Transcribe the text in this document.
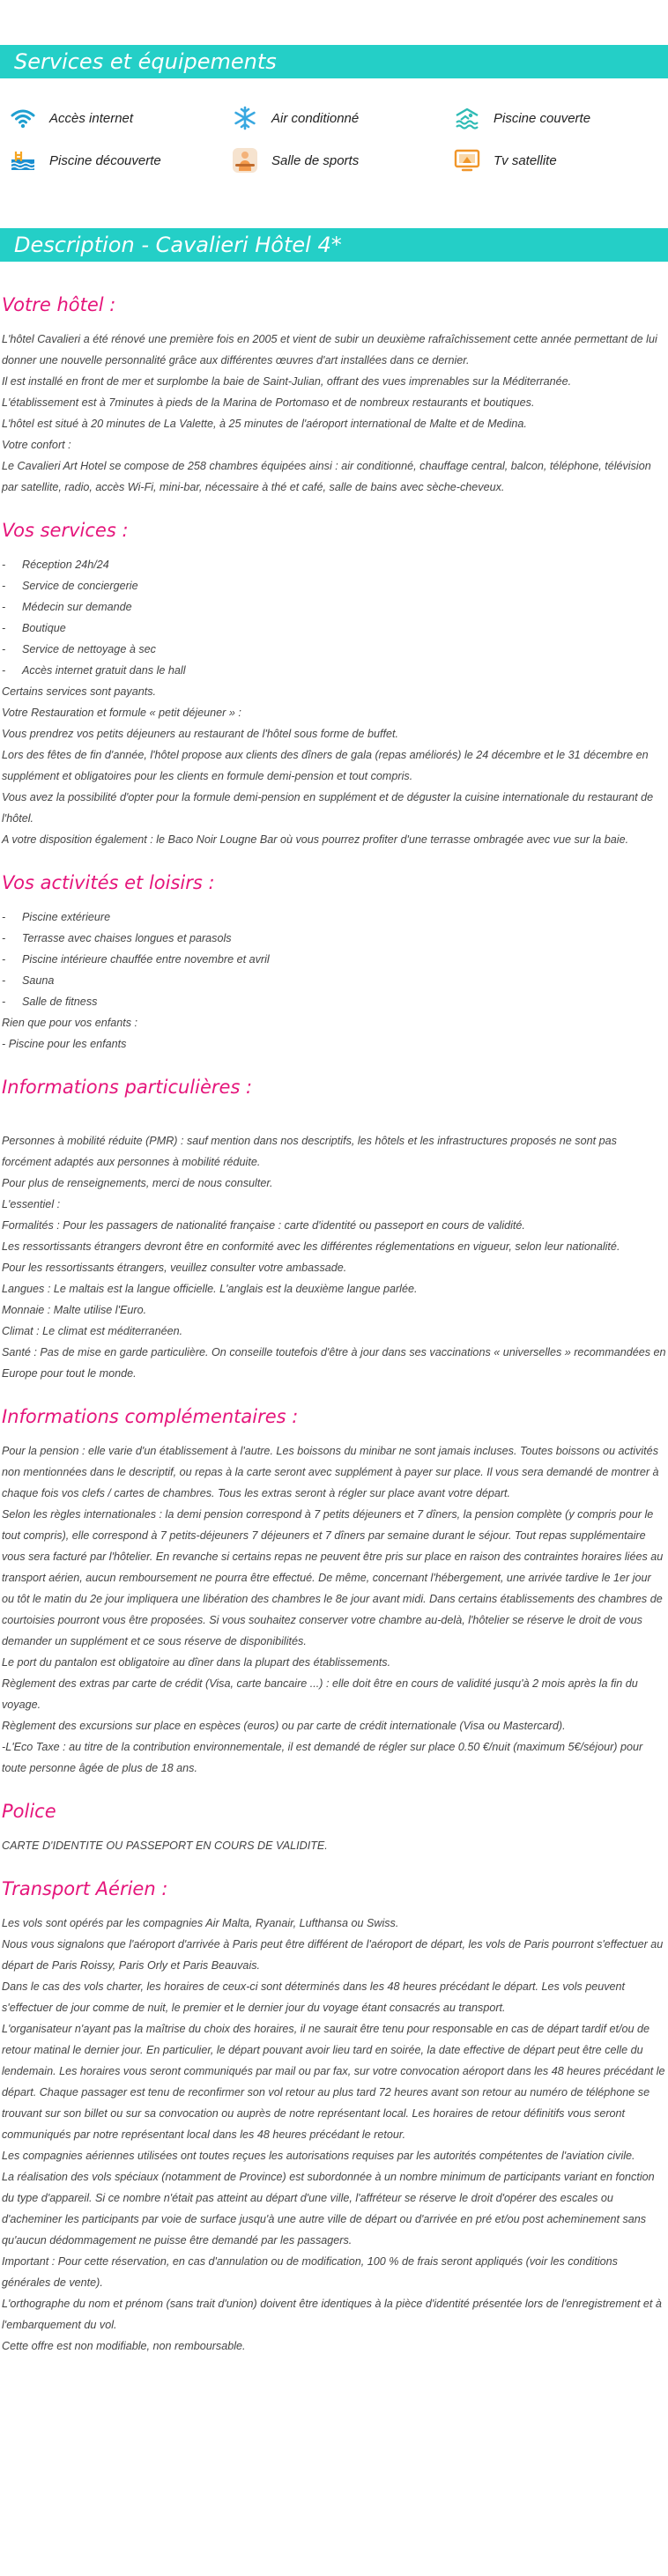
Services et équipements
Accès internet	Air conditionné	Piscine couverte
Piscine découverte	Salle de sports	Tv satellite
Description - Cavalieri Hôtel 4*
Votre hôtel :

L'hôtel Cavalieri a été rénové une première fois en 2005 et vient de subir un deuxième rafraîchissement cette année permettant de lui donner une nouvelle personnalité grâce aux différentes œuvres d'art installées dans ce dernier.

Il est installé en front de mer et surplombe la baie de Saint-Julian, offrant des vues imprenables sur la Méditerranée.

L'établissement est à 7minutes à pieds de la Marina de Portomaso et de nombreux restaurants et boutiques.

L'hôtel est situé à 20 minutes de La Valette, à 25 minutes de l'aéroport international de Malte et de Medina.

Votre confort :

Le Cavalieri Art Hotel se compose de 258 chambres équipées ainsi : air conditionné, chauffage central, balcon, téléphone, télévision par satellite, radio, accès Wi-Fi, mini-bar, nécessaire à thé et café, salle de bains avec sèche-cheveux.

Vos services :
- Réception 24h/24
- Service de conciergerie
- Médecin sur demande
- Boutique
- Service de nettoyage à sec
- Accès internet gratuit dans le hall

Certains services sont payants.

Votre Restauration et formule « petit déjeuner » :

Vous prendrez vos petits déjeuners au restaurant de l'hôtel sous forme de buffet.

Lors des fêtes de fin d'année, l'hôtel propose aux clients des dîners de gala (repas améliorés) le 24 décembre et le 31 décembre en supplément et obligatoires pour les clients en formule demi-pension et tout compris.

Vous avez la possibilité d'opter pour la formule demi-pension en supplément et de déguster la cuisine internationale du restaurant de l'hôtel.

A votre disposition également : le Baco Noir Lougne Bar où vous pourrez profiter d'une terrasse ombragée avec vue sur la baie.

Vos activités et loisirs :
- Piscine extérieure
- Terrasse avec chaises longues et parasols
- Piscine intérieure chauffée entre novembre et avril
- Sauna
- Salle de fitness

Rien que pour vos enfants :

- Piscine pour les enfants

Informations particulières :

Personnes à mobilité réduite (PMR) : sauf mention dans nos descriptifs, les hôtels et les infrastructures proposés ne sont pas forcément adaptés aux personnes à mobilité réduite.

Pour plus de renseignements, merci de nous consulter.

L'essentiel :

Formalités : Pour les passagers de nationalité française : carte d'identité ou passeport en cours de validité.

Les ressortissants étrangers devront être en conformité avec les différentes réglementations en vigueur, selon leur nationalité.

Pour les ressortissants étrangers, veuillez consulter votre ambassade.

Langues : Le maltais est la langue officielle. L'anglais est la deuxième langue parlée.

Monnaie : Malte utilise l'Euro.

Climat : Le climat est méditerranéen.

Santé : Pas de mise en garde particulière. On conseille toutefois d'être à jour dans ses vaccinations « universelles » recommandées en Europe pour tout le monde.

Informations complémentaires :

Pour la pension : elle varie d'un établissement à l'autre. Les boissons du minibar ne sont jamais incluses. Toutes boissons ou activités non mentionnées dans le descriptif, ou repas à la carte seront avec supplément à payer sur place. Il vous sera demandé de montrer à chaque fois vos clefs / cartes de chambres. Tous les extras seront à régler sur place avant votre départ.

Selon les règles internationales : la demi pension correspond à 7 petits déjeuners et 7 dîners, la pension complète (y compris pour le tout compris), elle correspond à 7 petits-déjeuners 7 déjeuners et 7 dîners par semaine durant le séjour. Tout repas supplémentaire vous sera facturé par l'hôtelier. En revanche si certains repas ne peuvent être pris sur place en raison des contraintes horaires liées au transport aérien, aucun remboursement ne pourra être effectué. De même, concernant l'hébergement, une arrivée tardive le 1er jour ou tôt le matin du 2e jour impliquera une libération des chambres le 8e jour avant midi. Dans certains établissements des chambres de courtoisies pourront vous être proposées. Si vous souhaitez conserver votre chambre au-delà, l'hôtelier se réserve le droit de vous demander un supplément et ce sous réserve de disponibilités.

Le port du pantalon est obligatoire au dîner dans la plupart des établissements.

Règlement des extras par carte de crédit (Visa, carte bancaire ...) : elle doit être en cours de validité jusqu'à 2 mois après la fin du voyage.

Règlement des excursions sur place en espèces (euros) ou par carte de crédit internationale (Visa ou Mastercard).

-L'Eco Taxe : au titre de la contribution environnementale, il est demandé de régler sur place 0.50 €/nuit (maximum 5€/séjour) pour toute personne âgée de plus de 18 ans.

Police

CARTE D'IDENTITE OU PASSEPORT EN COURS DE VALIDITE.

Transport Aérien :

Les vols sont opérés par les compagnies Air Malta, Ryanair, Lufthansa ou Swiss.

Nous vous signalons que l'aéroport d'arrivée à Paris peut être différent de l'aéroport de départ, les vols de Paris pourront s'effectuer au départ de Paris Roissy, Paris Orly et Paris Beauvais.

Dans le cas des vols charter, les horaires de ceux-ci sont déterminés dans les 48 heures précédant le départ. Les vols peuvent s'effectuer de jour comme de nuit, le premier et le dernier jour du voyage étant consacrés au transport.

L'organisateur n'ayant pas la maîtrise du choix des horaires, il ne saurait être tenu pour responsable en cas de départ tardif et/ou de retour matinal le dernier jour. En particulier, le départ pouvant avoir lieu tard en soirée, la date effective de départ peut être celle du lendemain. Les horaires vous seront communiqués par mail ou par fax, sur votre convocation aéroport dans les 48 heures précédant le départ. Chaque passager est tenu de reconfirmer son vol retour au plus tard 72 heures avant son retour au numéro de téléphone se trouvant sur son billet ou sur sa convocation ou auprès de notre représentant local. Les horaires de retour définitifs vous seront communiqués par notre représentant local dans les 48 heures précédant le retour.

Les compagnies aériennes utilisées ont toutes reçues les autorisations requises par les autorités compétentes de l'aviation civile.

La réalisation des vols spéciaux (notamment de Province) est subordonnée à un nombre minimum de participants variant en fonction du type d'appareil. Si ce nombre n'était pas atteint au départ d'une ville, l'affréteur se réserve le droit d'opérer des escales ou d'acheminer les participants par voie de surface jusqu'à une autre ville de départ ou d'arrivée en pré et/ou post acheminement sans qu'aucun dédommagement ne puisse être demandé par les passagers.

Important : Pour cette réservation, en cas d'annulation ou de modification, 100 % de frais seront appliqués (voir les conditions générales de vente).

L'orthographe du nom et prénom (sans trait d'union) doivent être identiques à la pièce d'identité présentée lors de l'enregistrement et à l'embarquement du vol.

Cette offre est non modifiable, non remboursable.
